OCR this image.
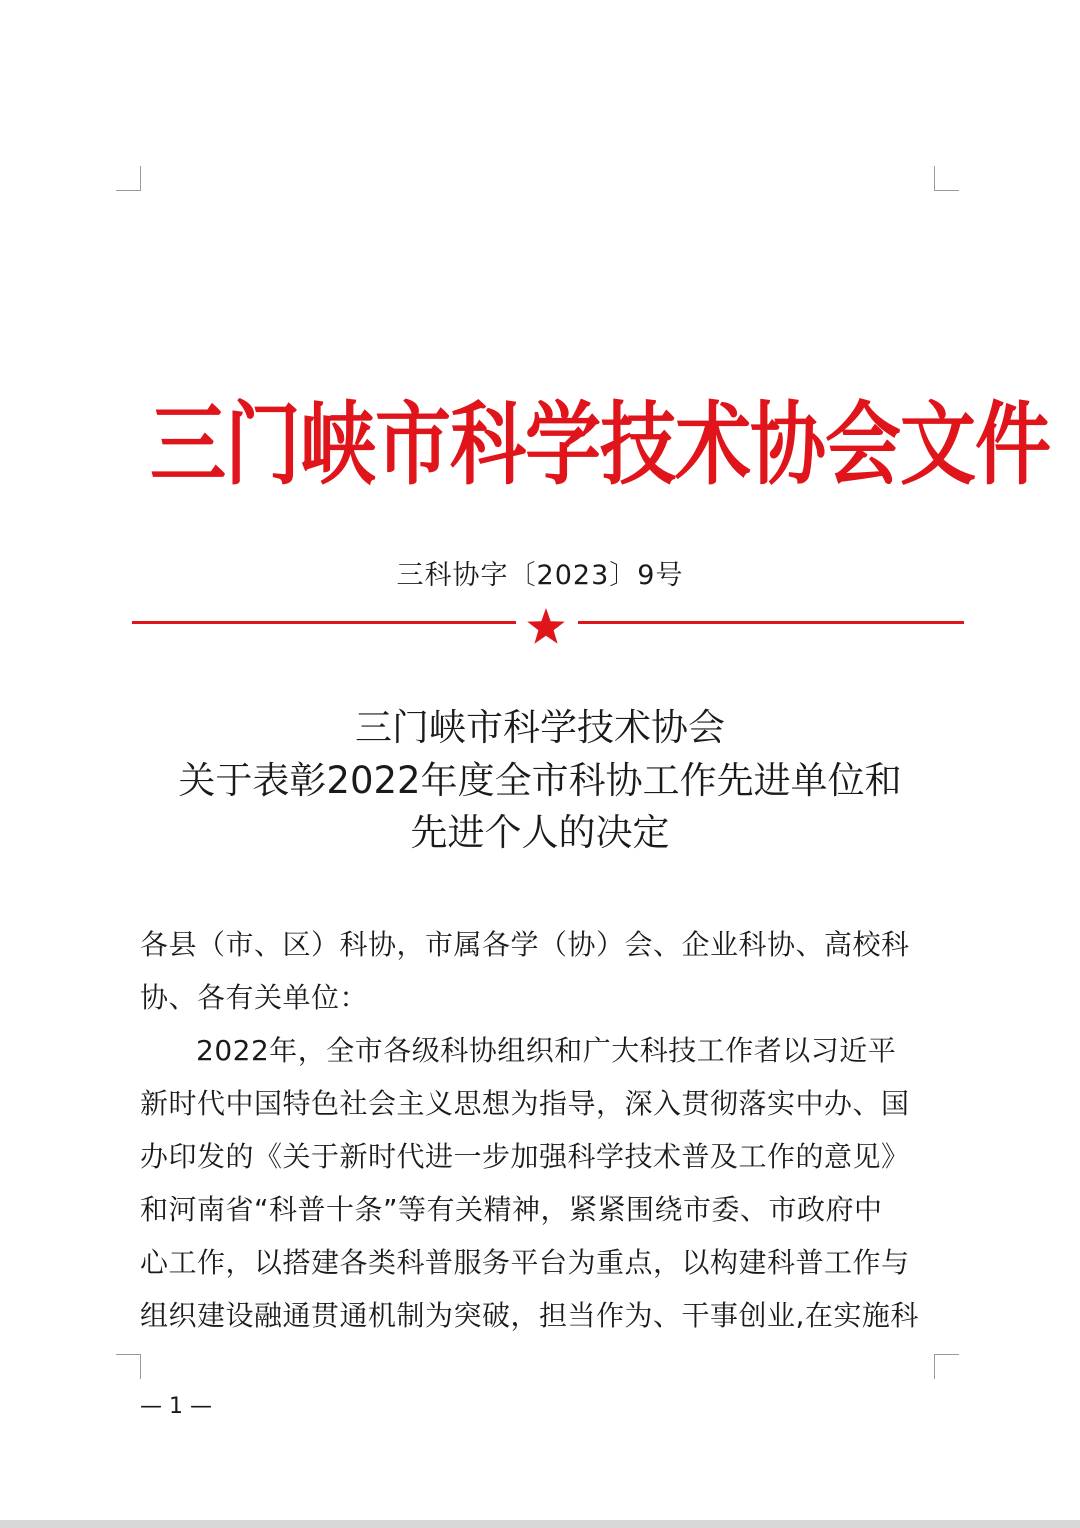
三门峡市科学技术协会文件
三科协字〔2023〕9号
三门峡市科学技术协会
关于表彰2022年度全市科协工作先进单位和
先进个人的决定
各县（市、区）科协，市属各学（协）会、企业科协、高校科
协、各有关单位：
2022年，全市各级科协组织和广大科技工作者以习近平
新时代中国特色社会主义思想为指导，深入贯彻落实中办、国
办印发的《关于新时代进一步加强科学技术普及工作的意见》
和河南省“科普十条”等有关精神，紧紧围绕市委、市政府中
心工作，以搭建各类科普服务平台为重点，以构建科普工作与
组织建设融通贯通机制为突破，担当作为、干事创业,在实施科
— 1 —
